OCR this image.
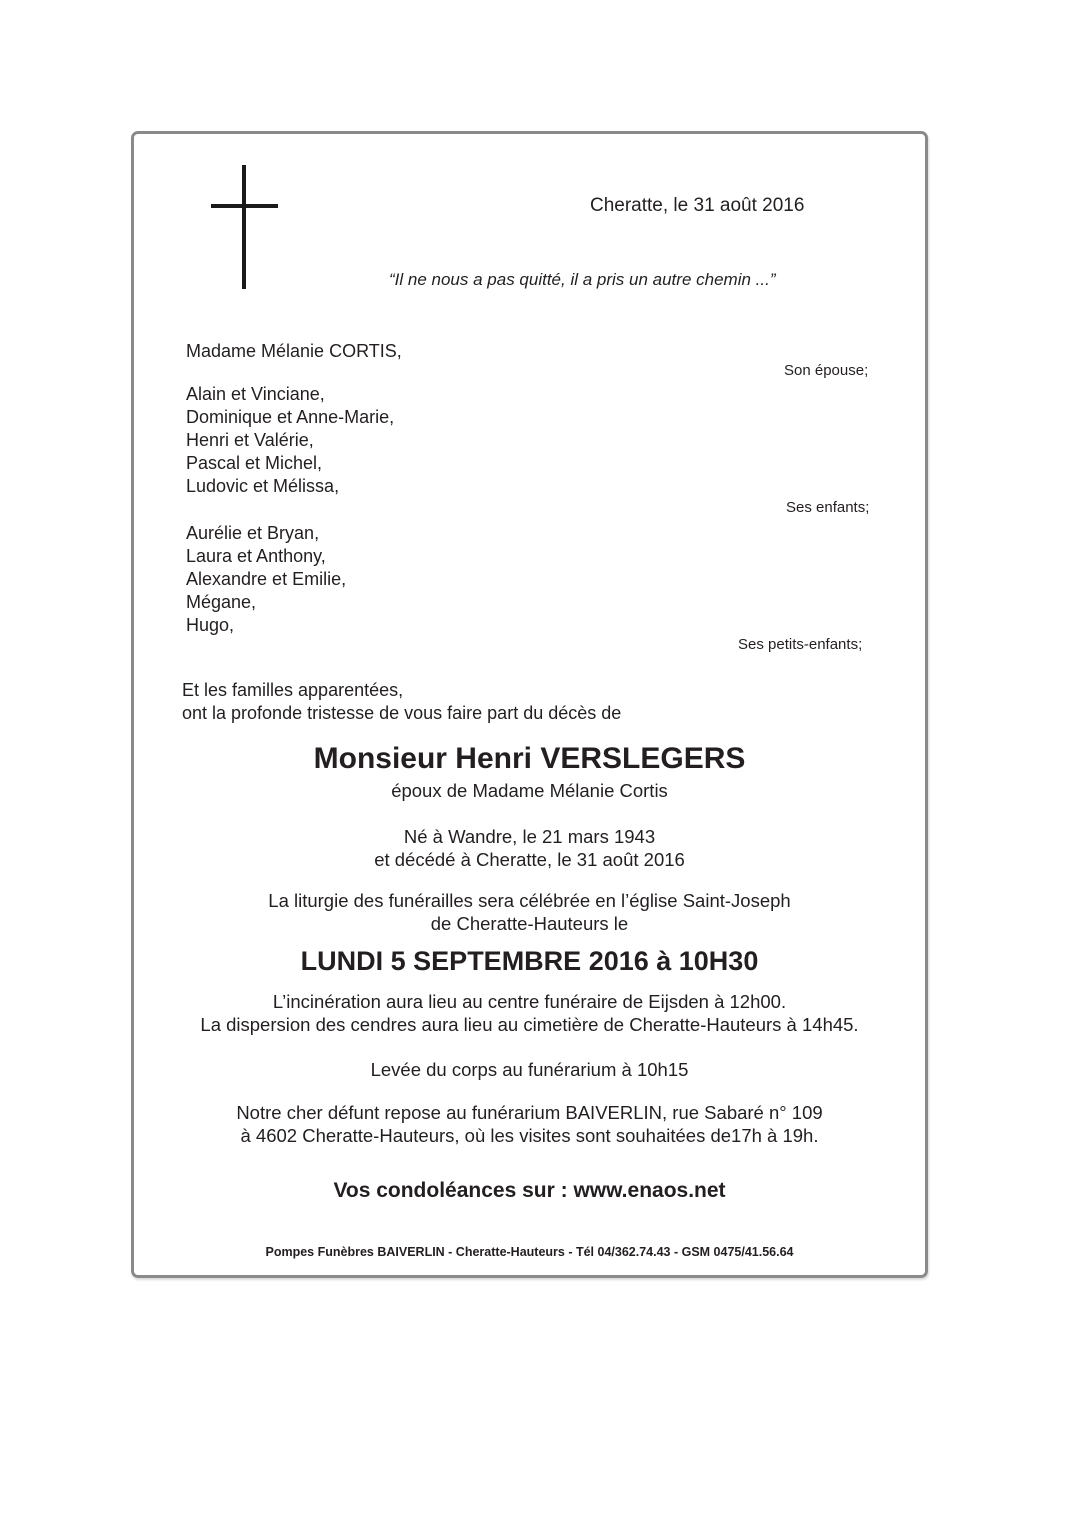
Cheratte, le 31 août 2016
“Il ne nous a pas quitté, il a pris un autre chemin ...”
Madame Mélanie CORTIS,
Son épouse;
Alain et Vinciane,
Dominique et Anne-Marie,
Henri et Valérie,
Pascal et Michel,
Ludovic et Mélissa,
Ses enfants;
Aurélie et Bryan,
Laura et Anthony,
Alexandre et Emilie,
Mégane,
Hugo,
Ses petits-enfants;
Et les familles apparentées,
ont la profonde tristesse de vous faire part du décès de
Monsieur Henri VERSLEGERS
époux de Madame Mélanie Cortis
Né à Wandre, le 21 mars 1943
et décédé à Cheratte, le 31 août 2016
La liturgie des funérailles sera célébrée en l’église Saint-Joseph
de Cheratte-Hauteurs le
LUNDI 5 SEPTEMBRE 2016 à 10H30
L’incinération aura lieu au centre funéraire de Eijsden à 12h00.
La dispersion des cendres aura lieu au cimetière de Cheratte-Hauteurs à 14h45.
Levée du corps au funérarium à 10h15
Notre cher défunt repose au funérarium BAIVERLIN, rue Sabaré n° 109
à 4602 Cheratte-Hauteurs, où les visites sont souhaitées de17h à 19h.
Vos condoléances sur : www.enaos.net
Pompes Funèbres BAIVERLIN - Cheratte-Hauteurs - Tél 04/362.74.43 - GSM 0475/41.56.64
